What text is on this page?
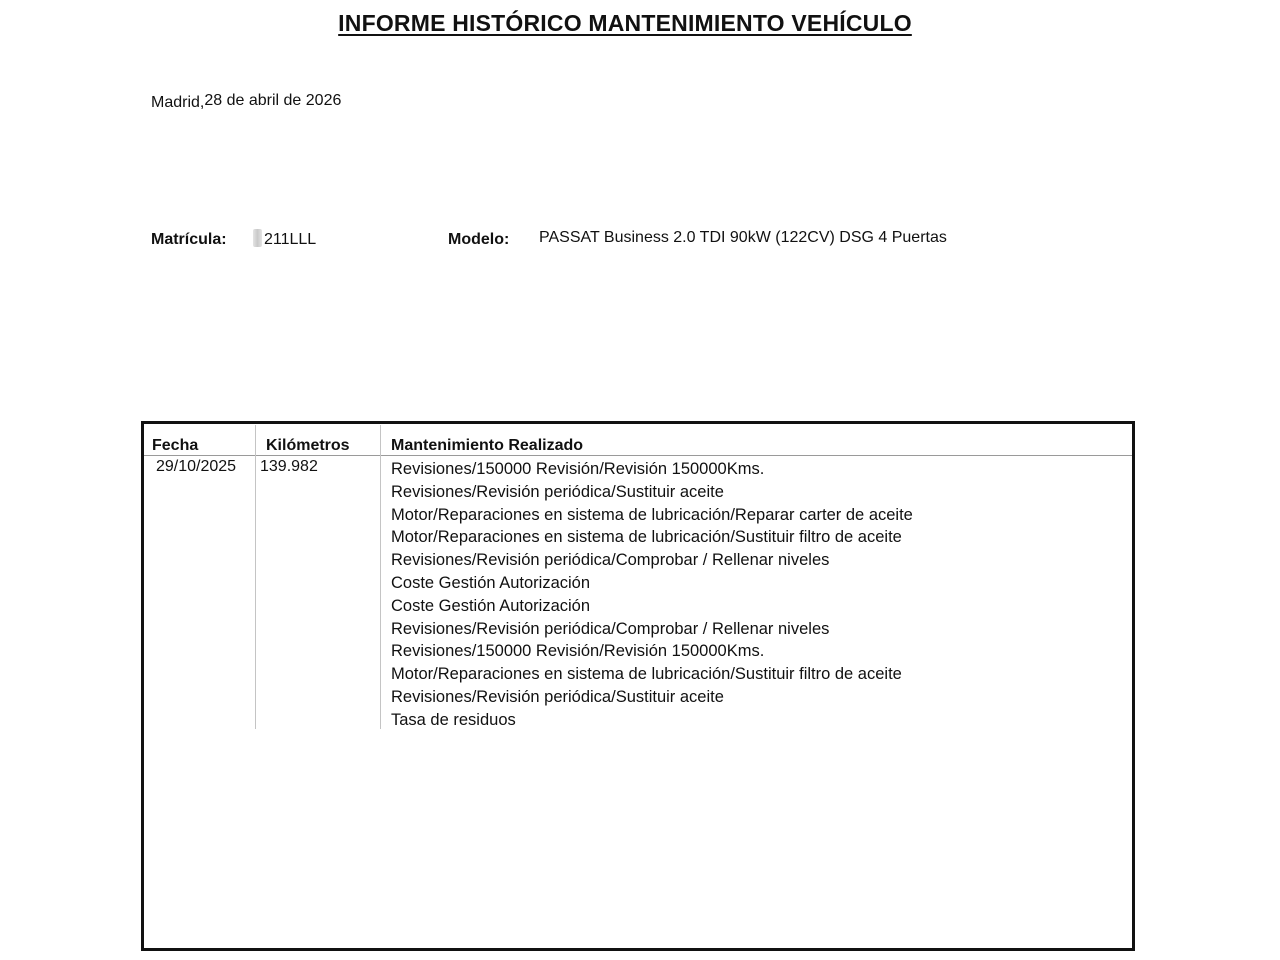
INFORME HISTÓRICO MANTENIMIENTO VEHÍCULO
Madrid,28 de abril de 2026
Matrícula:	211LLL	Modelo: PASSAT Business 2.0 TDI 90kW (122CV) DSG 4 Puertas
Fecha	Kilómetros	Mantenimiento Realizado
29/10/2025 139.982	Revisiones/150000 Revisión/Revisión 150000Kms.
Revisiones/Revisión periódica/Sustituir aceite
Motor/Reparaciones en sistema de lubricación/Reparar carter de aceite
Motor/Reparaciones en sistema de lubricación/Sustituir filtro de aceite
Revisiones/Revisión periódica/Comprobar / Rellenar niveles
Coste Gestión Autorización
Coste Gestión Autorización
Revisiones/Revisión periódica/Comprobar / Rellenar niveles
Revisiones/150000 Revisión/Revisión 150000Kms.
Motor/Reparaciones en sistema de lubricación/Sustituir filtro de aceite
Revisiones/Revisión periódica/Sustituir aceite
Tasa de residuos
